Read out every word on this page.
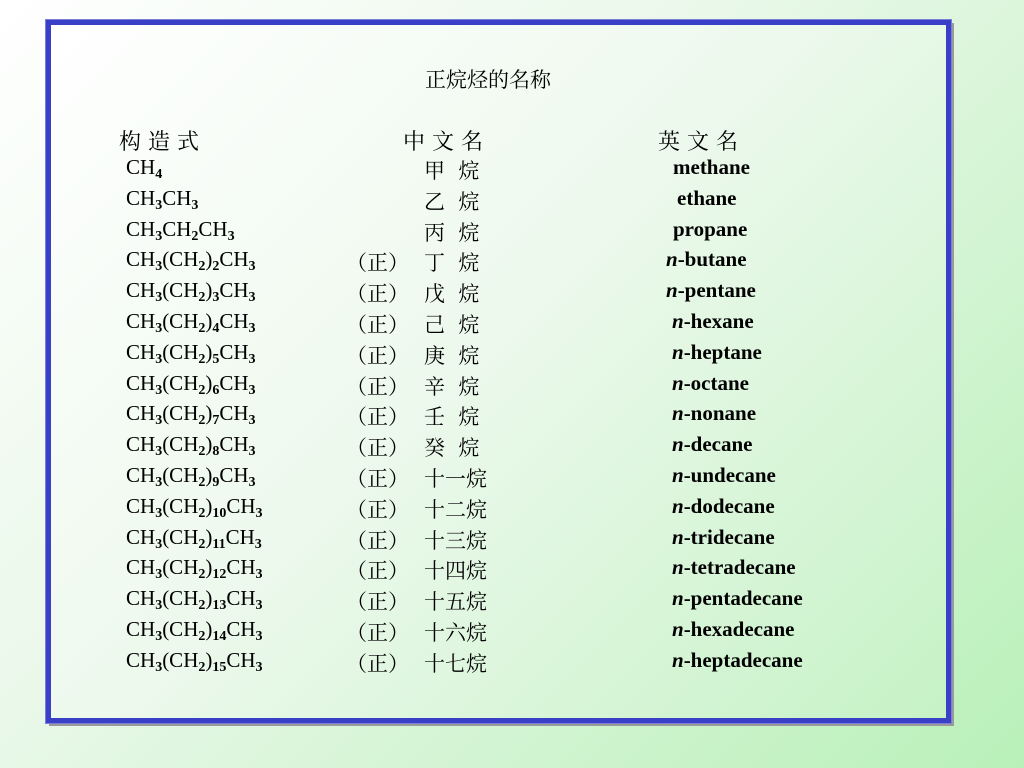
正烷烃的名称
构 造 式	中 文 名	英 文 名
$CH_4$	甲  烷	methane
$CH_3CH_3$	乙  烷	ethane
$CH_3CH_2CH_3$	丙  烷	propane
$CH_3(CH_2)_2CH_3$	（正） 丁  烷	n-butane
$CH_3(CH_2)_3CH_3$	（正） 戊  烷	n-pentane
$CH_3(CH_2)_4CH_3$	（正） 己  烷	n-hexane
$CH_3(CH_2)_5CH_3$	（正） 庚  烷	n-heptane
$CH_3(CH_2)_6CH_3$	（正） 辛  烷	n-octane
$CH_3(CH_2)_7CH_3$	（正） 壬  烷	n-nonane
$CH_3(CH_2)_8CH_3$	（正） 癸  烷	n-decane
$CH_3(CH_2)_9CH_3$	（正） 十一烷	n-undecane
$CH_3(CH_2)_{10}CH_3$	（正） 十二烷	n-dodecane
$CH_3(CH_2)_{11}CH_3$	（正） 十三烷	n-tridecane
$CH_3(CH_2)_{12}CH_3$	（正） 十四烷	n-tetradecane
$CH_3(CH_2)_{13}CH_3$	（正） 十五烷	n-pentadecane
$CH_3(CH_2)_{14}CH_3$	（正） 十六烷	n-hexadecane
$CH_3(CH_2)_{15}CH_3$	（正） 十七烷	n-heptadecane
